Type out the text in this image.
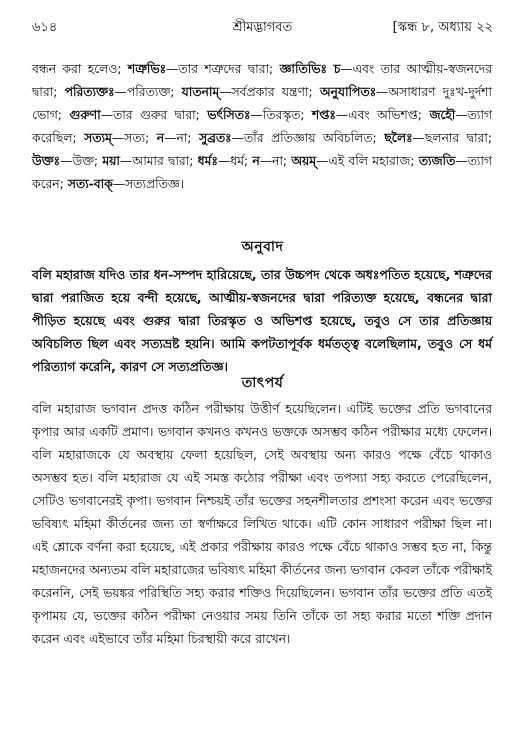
৬১৪	শ্রীমদ্ভাগবত	[স্কন্ধ ৮, অধ্যায় ২২
বন্ধন করা হলেও; শত্রুভিঃ—তার শত্রুদের দ্বারা; জ্ঞাতিভিঃ চ—এবং তার আত্মীয়-স্বজনদের দ্বারা; পরিত্যক্তঃ—পরিত্যক্ত; যাতনাম্—সর্বপ্রকার যন্ত্রণা; অনুযাপিতঃ—অসাধারণ দুঃখ-দুর্দশা ভোগ; গুরুণা—তার গুরুর দ্বারা; ভর্ৎসিতঃ—তিরস্কৃত; শপ্তঃ—এবং অভিশপ্ত; জহৌ—ত্যাগ করেছিল; সত্যম্—সত্য; ন—না; সুব্রতঃ—তাঁর প্রতিজ্ঞায় অবিচলিত; ছলৈঃ—ছলনার দ্বারা; উক্তঃ—উক্ত; ময়া—আমার দ্বারা; ধর্মঃ—ধর্ম; ন—না; অয়ম্—এই বলি মহারাজ; ত্যজতি—ত্যাগ করেন; সত্য-বাক্—সত্যপ্রতিজ্ঞ।
অনুবাদ
বলি মহারাজ যদিও তার ধন-সম্পদ হারিয়েছে, তার উচ্চপদ থেকে অধঃপতিত হয়েছে, শত্রুদের দ্বারা পরাজিত হয়ে বন্দী হয়েছে, আত্মীয়-স্বজনদের দ্বারা পরিত্যক্ত হয়েছে, বন্ধনের দ্বারা পীড়িত হয়েছে এবং গুরুর দ্বারা তিরস্কৃত ও অভিশপ্ত হয়েছে, তবুও সে তার প্রতিজ্ঞায় অবিচলিত ছিল এবং সত্যভ্রষ্ট হয়নি। আমি কপটতাপূর্বক ধর্মতত্ত্ব বলেছিলাম, তবুও সে ধর্ম পরিত্যাগ করেনি, কারণ সে সত্যপ্রতিজ্ঞ।
তাৎপর্য
বলি মহারাজ ভগবান প্রদত্ত কঠিন পরীক্ষায় উত্তীর্ণ হয়েছিলেন। এটিই ভক্তের প্রতি ভগবানের কৃপার আর একটি প্রমাণ। ভগবান কখনও কখনও ভক্তকে অসম্ভব কঠিন পরীক্ষার মধ্যে ফেলেন। বলি মহারাজকে যে অবস্থায় ফেলা হয়েছিল, সেই অবস্থায় অন্য কারও পক্ষে বেঁচে থাকাও অসম্ভব হত। বলি মহারাজ যে এই সমস্ত কঠোর পরীক্ষা এবং তপস্যা সহ্য করতে পেরেছিলেন, সেটিও ভগবানেরই কৃপা। ভগবান নিশ্চয়ই তাঁর ভক্তের সহনশীলতার প্রশংসা করেন এবং ভক্তের ভবিষ্যৎ মহিমা কীর্তনের জন্য তা স্বর্ণাক্ষরে লিখিত থাকে। এটি কোন সাধারণ পরীক্ষা ছিল না। এই শ্লোকে বর্ণনা করা হয়েছে, এই প্রকার পরীক্ষায় কারও পক্ষে বেঁচে থাকাও সম্ভব হত না, কিন্তু মহাজনদের অন্যতম বলি মহারাজের ভবিষ্যৎ মহিমা কীর্তনের জন্য ভগবান কেবল তাঁকে পরীক্ষাই করেননি, সেই ভয়ঙ্কর পরিস্থিতি সহ্য করার শক্তিও দিয়েছিলেন। ভগবান তাঁর ভক্তের প্রতি এতই কৃপাময় যে, ভক্তের কঠিন পরীক্ষা নেওয়ার সময় তিনি তাঁকে তা সহ্য করার মতো শক্তি প্রদান করেন এবং এইভাবে তাঁর মহিমা চিরস্থায়ী করে রাখেন।
